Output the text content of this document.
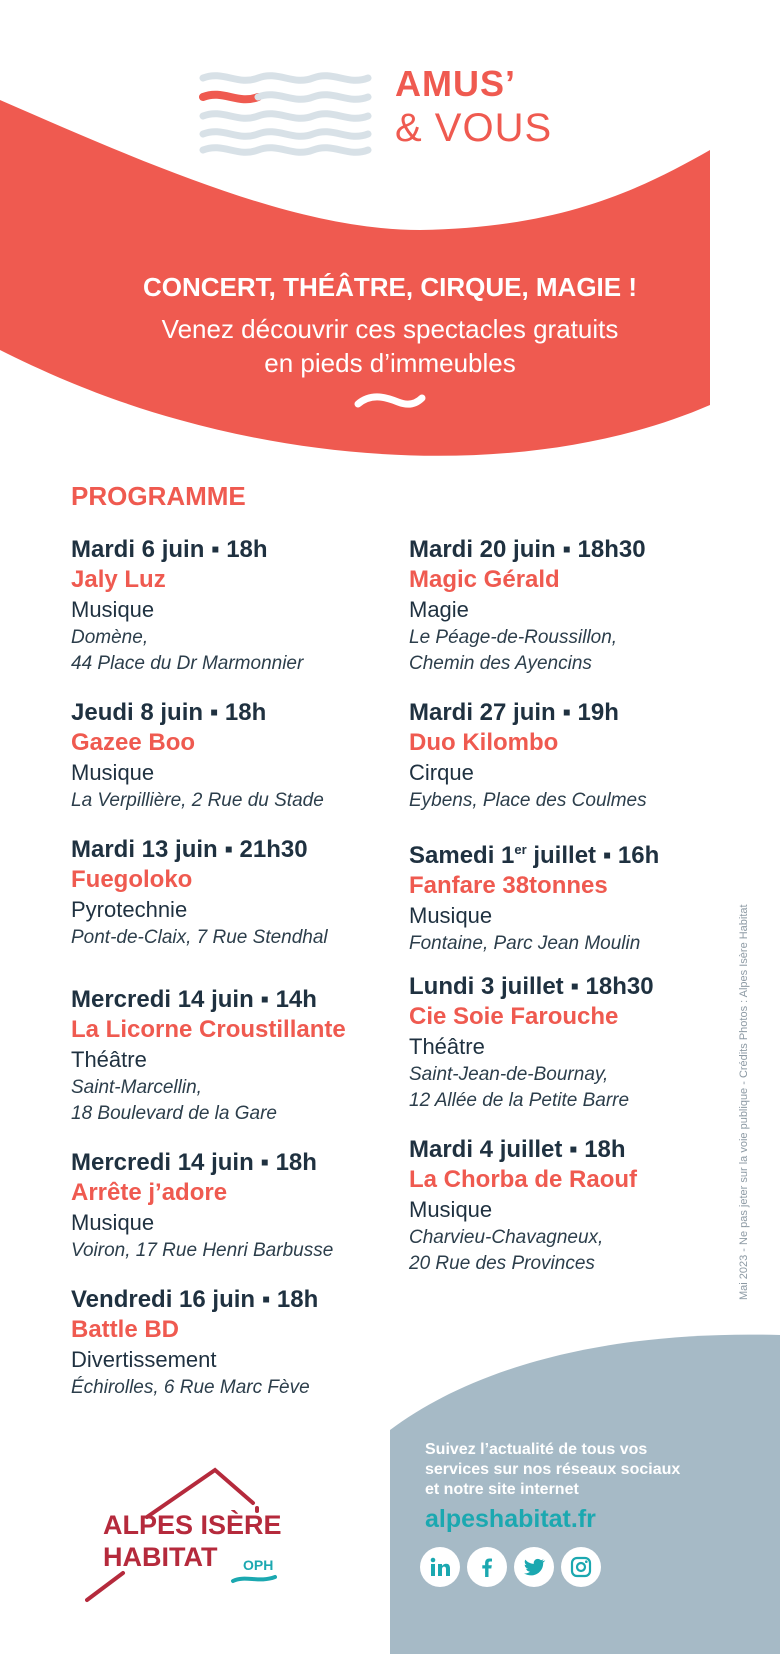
AMUS’
& VOUS
CONCERT, THÉÂTRE, CIRQUE, MAGIE !
Venez découvrir ces spectacles gratuits
en pieds d’immeubles
PROGRAMME
Mardi 6 juin ▪ 18h
Jaly Luz
Musique
Domène,
44 Place du Dr Marmonnier
Jeudi 8 juin ▪ 18h
Gazee Boo
Musique
La Verpillière, 2 Rue du Stade
Mardi 13 juin ▪ 21h30
Fuegoloko
Pyrotechnie
Pont-de-Claix, 7 Rue Stendhal
Mercredi 14 juin ▪ 14h
La Licorne Croustillante
Théâtre
Saint-Marcellin,
18 Boulevard de la Gare
Mercredi 14 juin ▪ 18h
Arrête j’adore
Musique
Voiron, 17 Rue Henri Barbusse
Vendredi 16 juin ▪ 18h
Battle BD
Divertissement
Échirolles, 6 Rue Marc Fève
Mardi 20 juin ▪ 18h30
Magic Gérald
Magie
Le Péage-de-Roussillon,
Chemin des Ayencins
Mardi 27 juin ▪ 19h
Duo Kilombo
Cirque
Eybens, Place des Coulmes
Samedi 1er juillet ▪ 16h
Fanfare 38tonnes
Musique
Fontaine, Parc Jean Moulin
Lundi 3 juillet ▪ 18h30
Cie Soie Farouche
Théâtre
Saint-Jean-de-Bournay,
12 Allée de la Petite Barre
Mardi 4 juillet ▪ 18h
La Chorba de Raouf
Musique
Charvieu-Chavagneux,
20 Rue des Provinces	Mai 2023 - Ne pas jeter sur la voie publique - Crédits Photos : Alpes Isère Habitat
Suivez l’actualité de tous vos
services sur nos réseaux sociaux
et notre site internet
alpeshabitat.fr
ALPES ISÈRE
HABITAT OPH
